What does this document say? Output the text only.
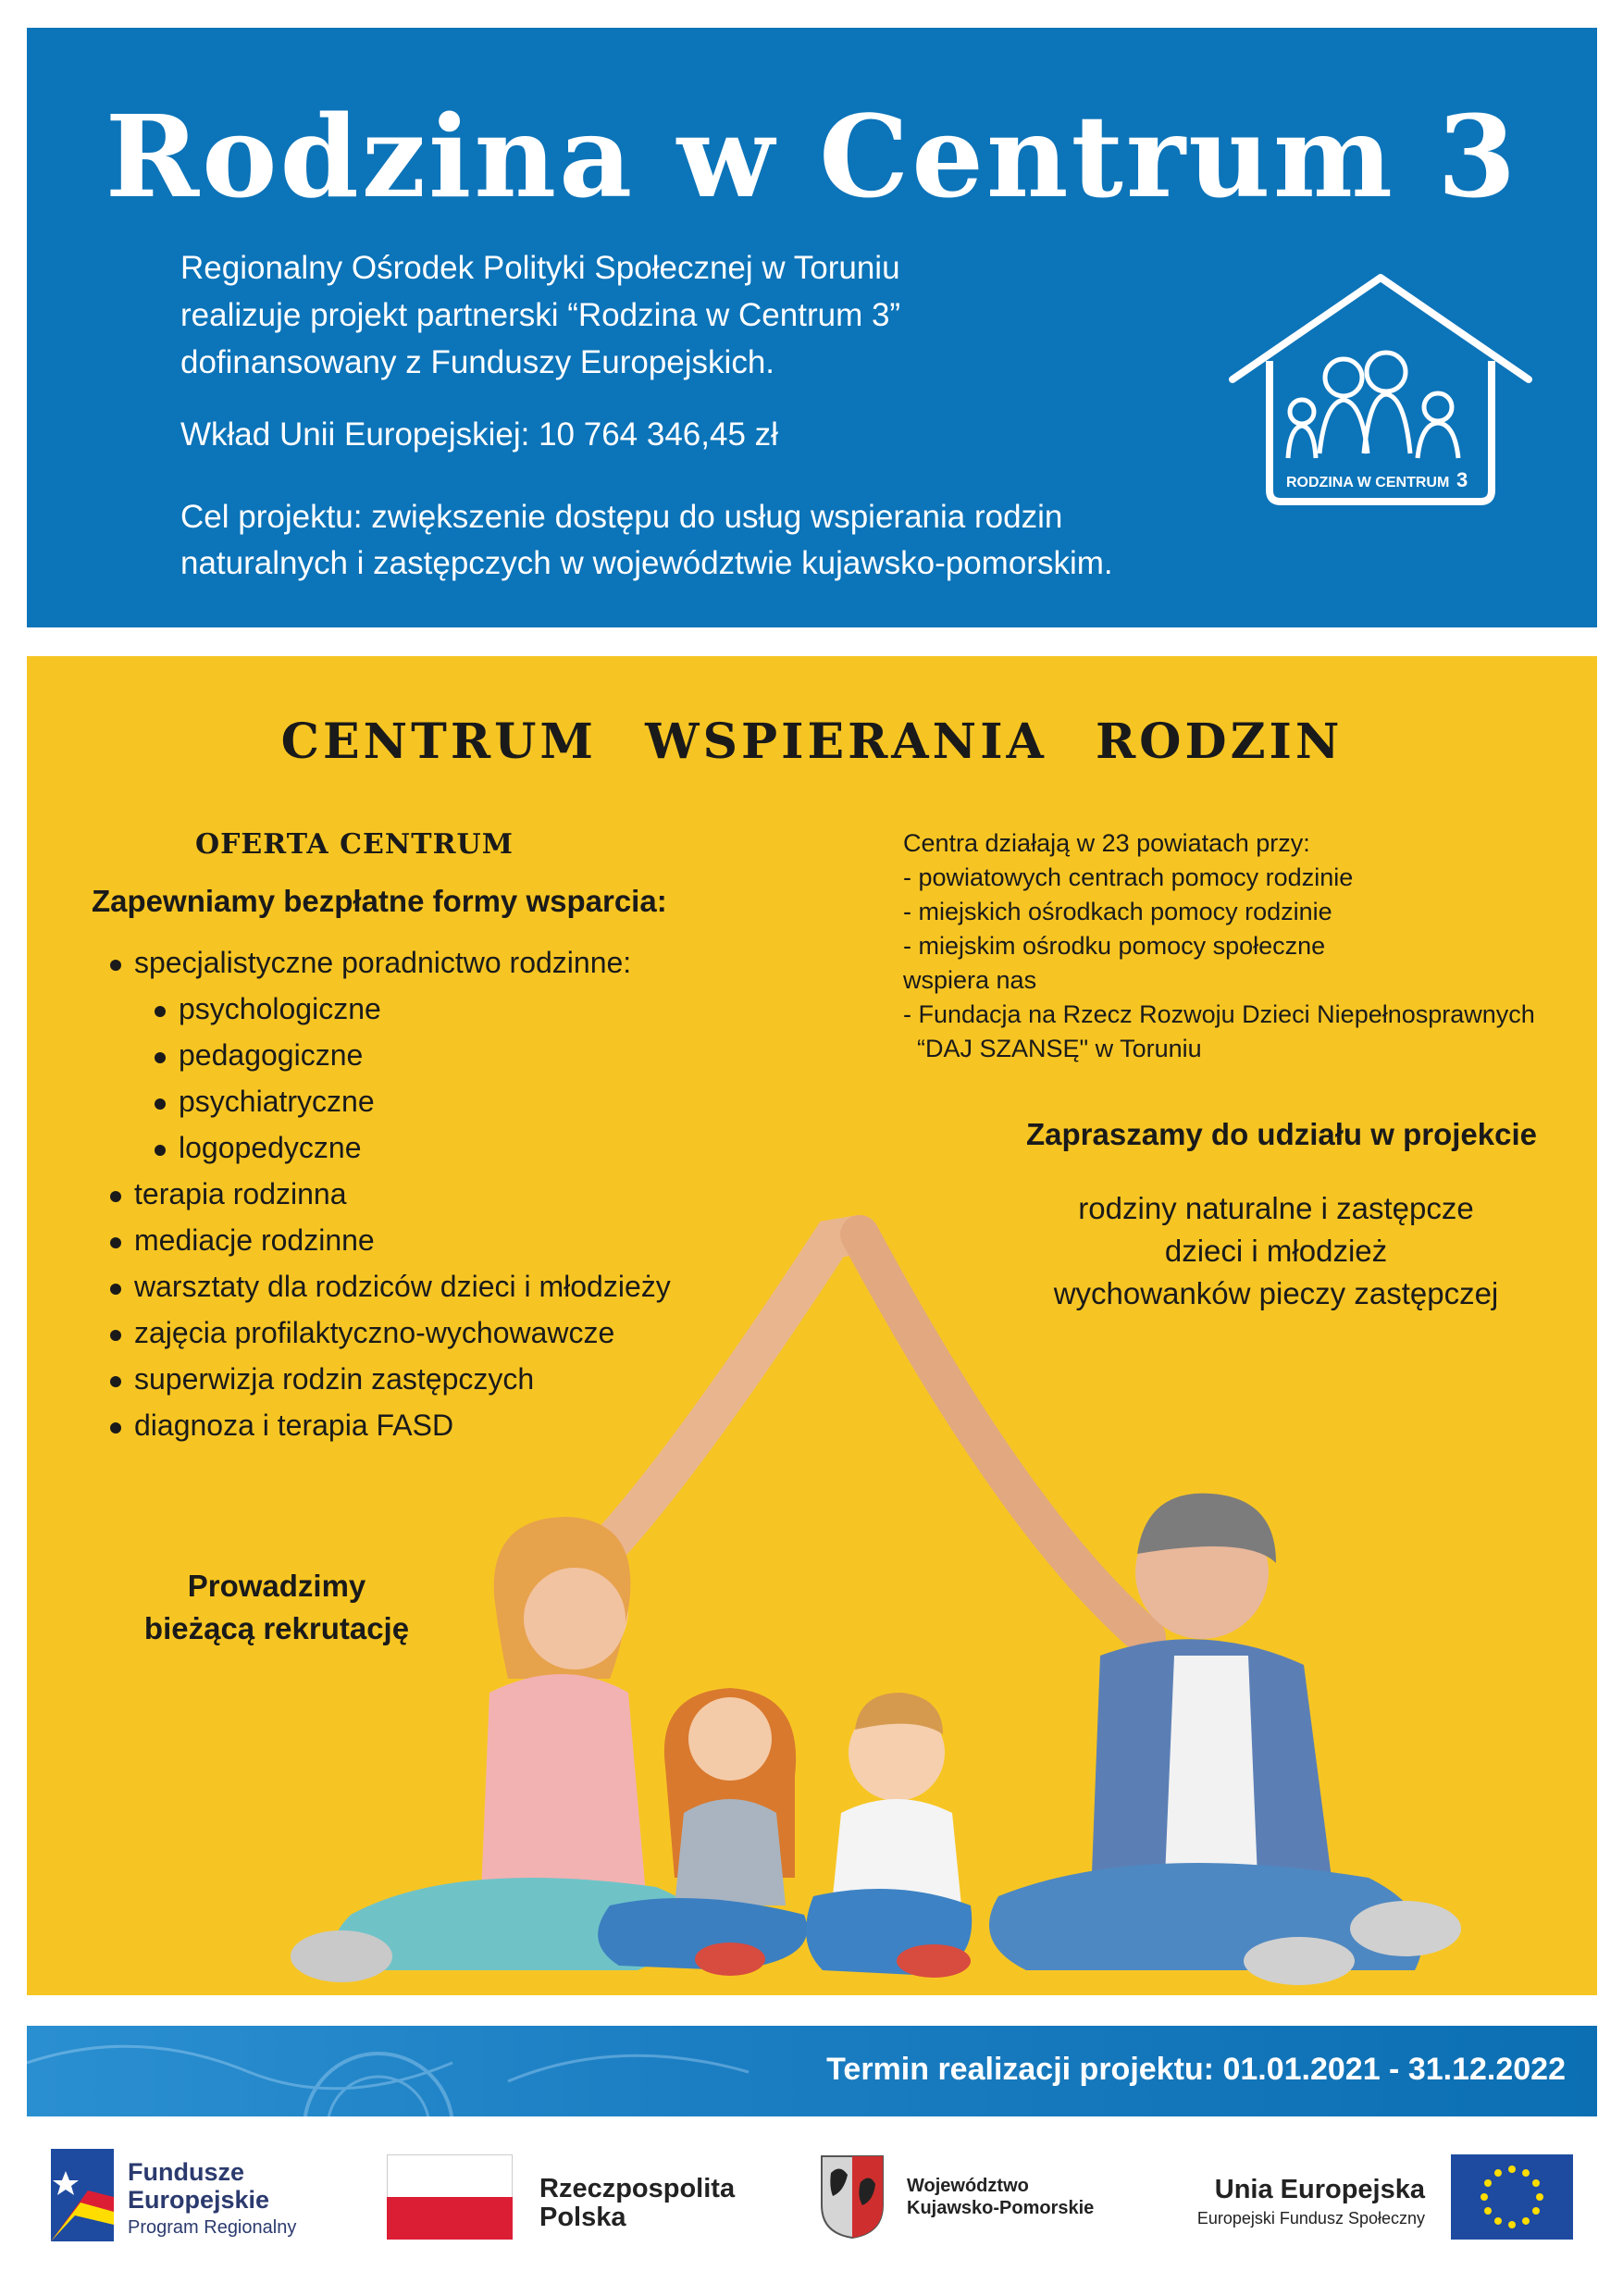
Rodzina w Centrum 3

Regionalny Ośrodek Polityki Społecznej w Toruniu

realizuje projekt partnerski “Rodzina w Centrum 3”

dofinansowany z Funduszy Europejskich.

Wkład Unii Europejskiej: 10 764 346,45 zł
Cel projektu: zwiększenie dostępu do usług wspierania rodzin
naturalnych i zastępczych w województwie kujawsko-pomorskim.
RODZINA W CENTRUM 3
CENTRUM WSPIERANIA RODZIN
OFERTA CENTRUM
Zapewniamy bezpłatne formy wsparcia:
specjalistyczne poradnictwo rodzinne:
psychologiczne
pedagogiczne
psychiatryczne
logopedyczne
terapia rodzinna
mediacje rodzinne
warsztaty dla rodziców dzieci i młodzieży
zajęcia profilaktyczno-wychowawcze
superwizja rodzin zastępczych
diagnoza i terapia FASD
Prowadzimy
bieżącą rekrutację
Centra działają w 23 powiatach przy:
- powiatowych centrach pomocy rodzinie
- miejskich ośrodkach pomocy rodzinie
- miejskim ośrodku pomocy społeczne
wspiera nas
- Fundacja na Rzecz Rozwoju Dzieci Niepełnosprawnych
“DAJ SZANSĘ" w Toruniu
Zapraszamy do udziału w projekcie
rodziny naturalne i zastępcze
dzieci i młodzież
wychowanków pieczy zastępczej
Termin realizacji projektu: 01.01.2021 - 31.12.2022
Fundusze
Europejskie
Program Regionalny
Rzeczpospolita
Polska
Województwo
Kujawsko-Pomorskie
Unia Europejska
Europejski Fundusz Społeczny
